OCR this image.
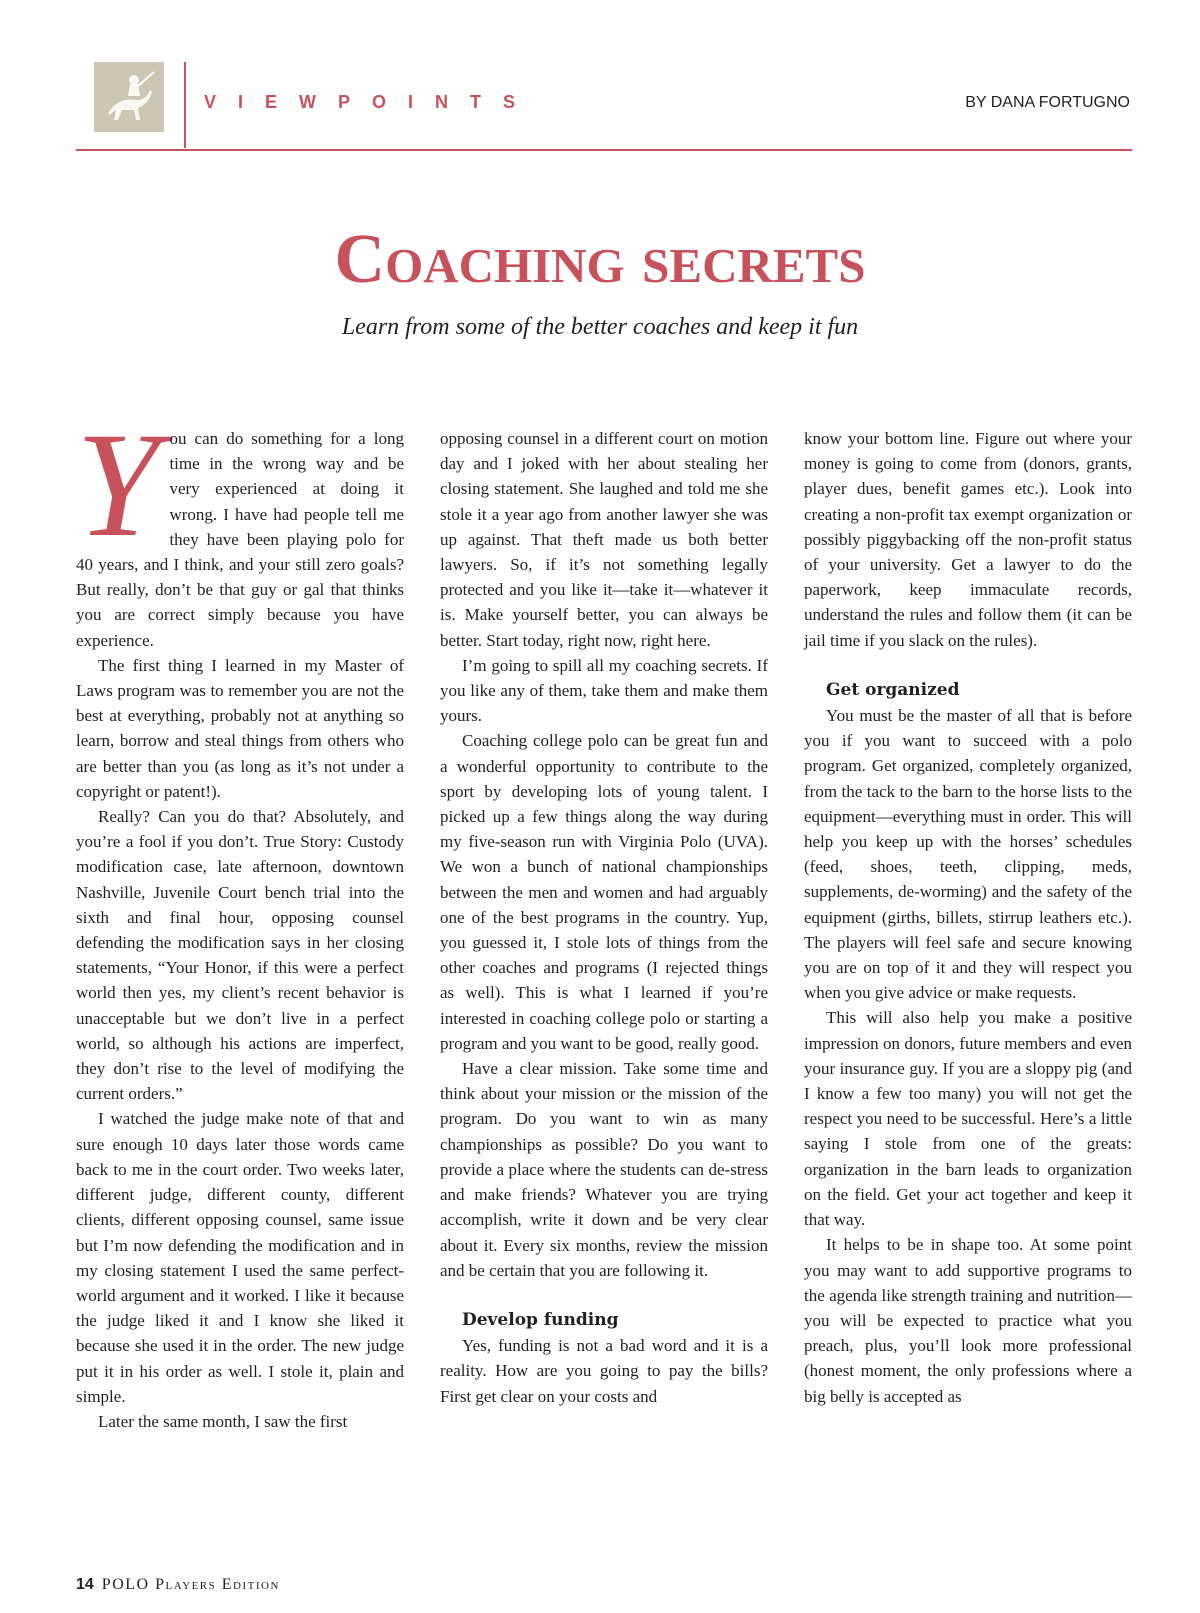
VIEWPOINTS	BY DANA FORTUGNO
Coaching secrets
Learn from some of the better coaches and keep it fun
Y ou can do something for a long time in the wrong way and be very experienced at doing it wrong. I have had people tell me they have been playing polo for 40 years, and I think, and your still zero goals? But really, don’t be that guy or gal that thinks you are correct simply because you have experience.

The first thing I learned in my Master of Laws program was to remember you are not the best at everything, probably not at anything so learn, borrow and steal things from others who are better than you (as long as it’s not under a copyright or patent!).

Really? Can you do that? Absolutely, and you’re a fool if you don’t. True Story: Custody modification case, late afternoon, downtown Nashville, Juvenile Court bench trial into the sixth and final hour, opposing counsel defending the modification says in her closing statements, “Your Honor, if this were a perfect world then yes, my client’s recent behavior is unacceptable but we don’t live in a perfect world, so although his actions are imperfect, they don’t rise to the level of modifying the current orders.”

I watched the judge make note of that and sure enough 10 days later those words came back to me in the court order. Two weeks later, different judge, different county, different clients, different opposing counsel, same issue but I’m now defending the modification and in my closing statement I used the same perfect-world argument and it worked. I like it because the judge liked it and I know she liked it because she used it in the order. The new judge put it in his order as well. I stole it, plain and simple.

Later the same month, I saw the first

opposing counsel in a different court on motion day and I joked with her about stealing her closing statement. She laughed and told me she stole it a year ago from another lawyer she was up against. That theft made us both better lawyers. So, if it’s not something legally protected and you like it—take it—whatever it is. Make yourself better, you can always be better. Start today, right now, right here.

I’m going to spill all my coaching secrets. If you like any of them, take them and make them yours.

Coaching college polo can be great fun and a wonderful opportunity to contribute to the sport by developing lots of young talent. I picked up a few things along the way during my five-season run with Virginia Polo (UVA). We won a bunch of national championships between the men and women and had arguably one of the best programs in the country. Yup, you guessed it, I stole lots of things from the other coaches and programs (I rejected things as well). This is what I learned if you’re interested in coaching college polo or starting a program and you want to be good, really good.

Have a clear mission. Take some time and think about your mission or the mission of the program. Do you want to win as many championships as possible? Do you want to provide a place where the students can de-stress and make friends? Whatever you are trying accomplish, write it down and be very clear about it. Every six months, review the mission and be certain that you are following it.

Develop funding

Yes, funding is not a bad word and it is a reality. How are you going to pay the bills? First get clear on your costs and

know your bottom line. Figure out where your money is going to come from (donors, grants, player dues, benefit games etc.). Look into creating a non-profit tax exempt organization or possibly piggybacking off the non-profit status of your university. Get a lawyer to do the paperwork, keep immaculate records, understand the rules and follow them (it can be jail time if you slack on the rules).

Get organized

You must be the master of all that is before you if you want to succeed with a polo program. Get organized, completely organized, from the tack to the barn to the horse lists to the equipment—everything must in order. This will help you keep up with the horses’ schedules (feed, shoes, teeth, clipping, meds, supplements, de-worming) and the safety of the equipment (girths, billets, stirrup leathers etc.). The players will feel safe and secure knowing you are on top of it and they will respect you when you give advice or make requests.

This will also help you make a positive impression on donors, future members and even your insurance guy. If you are a sloppy pig (and I know a few too many) you will not get the respect you need to be successful. Here’s a little saying I stole from one of the greats: organization in the barn leads to organization on the field. Get your act together and keep it that way.

It helps to be in shape too. At some point you may want to add supportive programs to the agenda like strength training and nutrition—you will be expected to practice what you preach, plus, you’ll look more professional (honest moment, the only professions where a big belly is accepted as

14 POLO Players Edition
